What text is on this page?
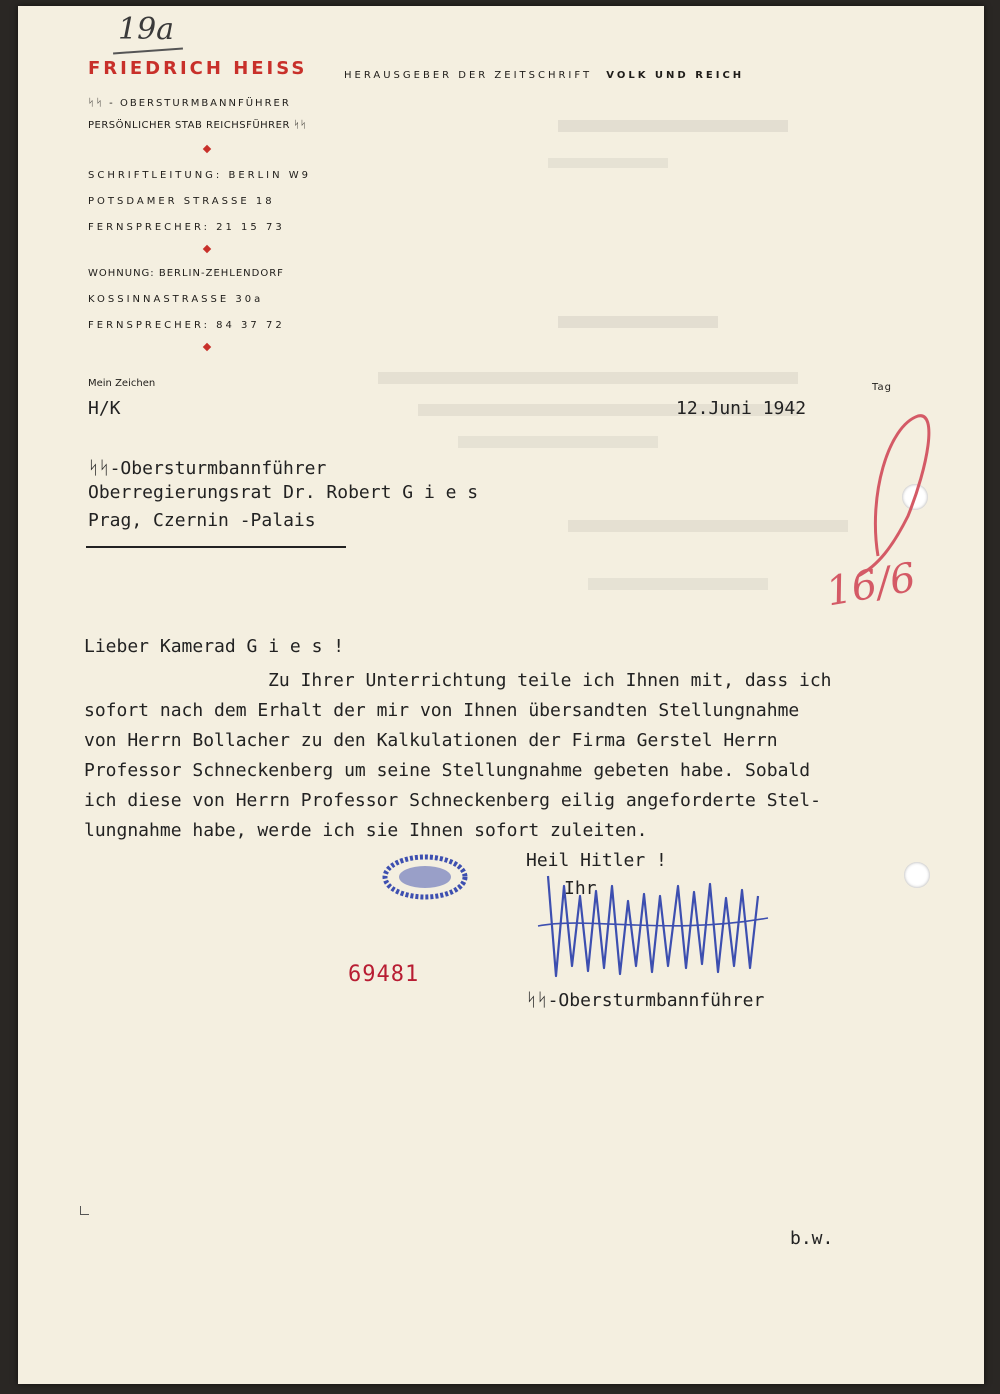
19a
FRIEDRICH HEISS	HERAUSGEBER DER ZEITSCHRIFT VOLK UND REICH
ᛋᛋ - OBERSTURMBANNFÜHRER
PERSÖNLICHER STAB REICHSFÜHRER ᛋᛋ
SCHRIFTLEITUNG: BERLIN W9
POTSDAMER STRASSE 18
FERNSPRECHER: 21 15 73
WOHNUNG: BERLIN-ZEHLENDORF
KOSSINNASTRASSE 30a
FERNSPRECHER: 84 37 72
Mein Zeichen	Tag
H/K	12.Juni 1942
ᛋᛋ-Obersturmbannführer
Oberregierungsrat Dr. Robert G i e s
Prag, Czernin -Palais
16/6
Lieber Kamerad G i e s !
Zu Ihrer Unterrichtung teile ich Ihnen mit, dass ich
sofort nach dem Erhalt der mir von Ihnen übersandten Stellungnahme
von Herrn Bollacher zu den Kalkulationen der Firma Gerstel Herrn
Professor Schneckenberg um seine Stellungnahme gebeten habe. Sobald
ich diese von Herrn Professor Schneckenberg eilig angeforderte Stel-
lungnahme habe, werde ich sie Ihnen sofort zuleiten.
Heil Hitler !
Ihr
ᛋᛋ-Obersturmbannführer
69481
b.w.
